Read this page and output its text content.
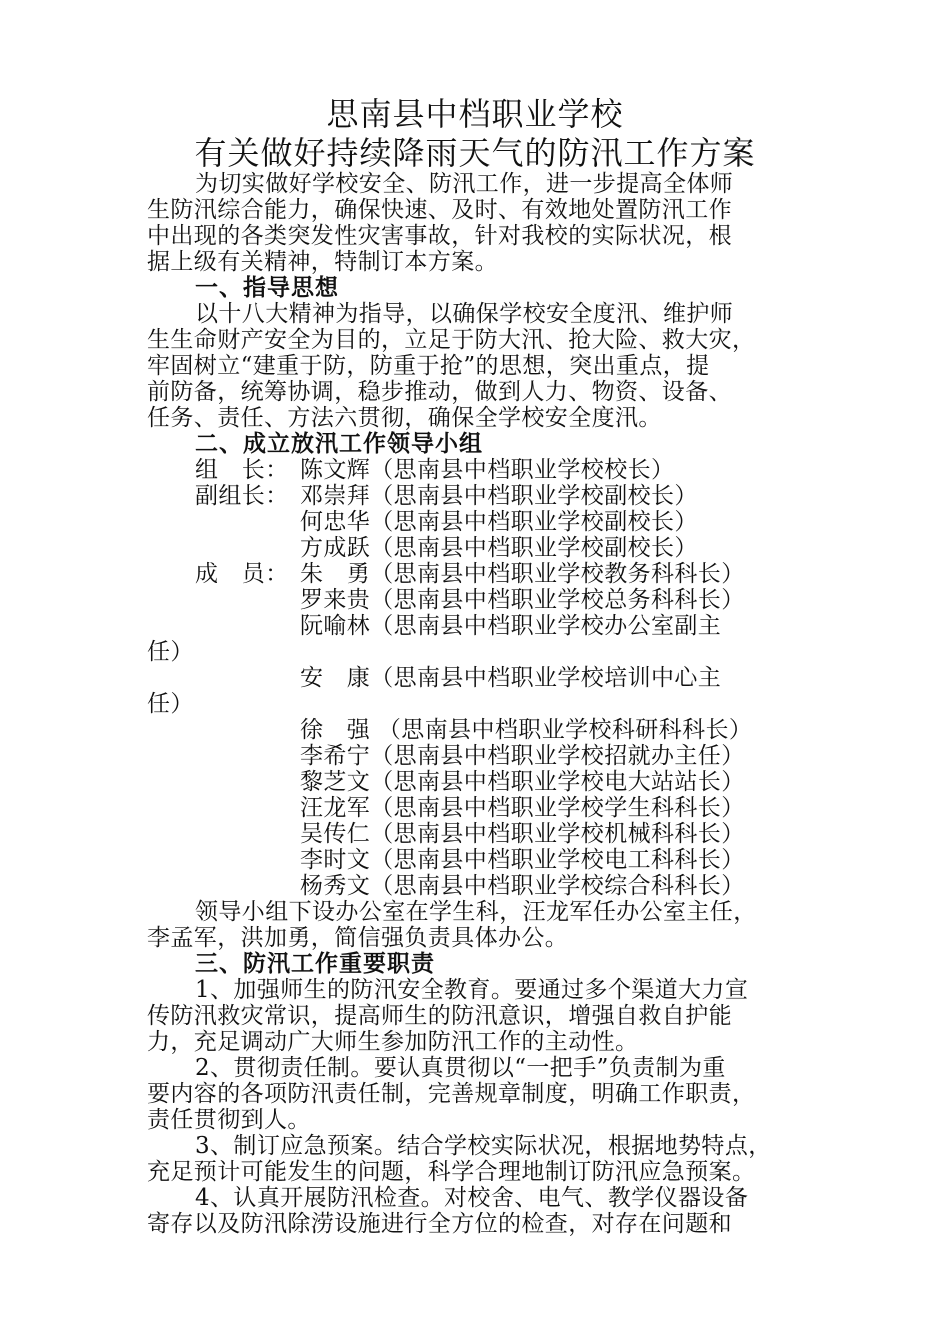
思南县中档职业学校
有关做好持续降雨天气的防汛工作方案
为切实做好学校安全、防汛工作，进一步提高全体师
生防汛综合能力，确保快速、及时、有效地处置防汛工作
中出现的各类突发性灾害事故，针对我校的实际状况，根
据上级有关精神，特制订本方案。
一、指导思想
以十八大精神为指导，以确保学校安全度汛、维护师
生生命财产安全为目的，立足于防大汛、抢大险、救大灾，
牢固树立“建重于防，防重于抢”的思想，突出重点，提
前防备，统筹协调，稳步推动，做到人力、物资、设备、
任务、责任、方法六贯彻，确保全学校安全度汛。
二、成立放汛工作领导小组
组　长： 陈文辉（思南县中档职业学校校长）
副组长： 邓崇拜（思南县中档职业学校副校长）
何忠华（思南县中档职业学校副校长）
方成跃（思南县中档职业学校副校长）
成　员： 朱　勇（思南县中档职业学校教务科科长）
罗来贵（思南县中档职业学校总务科科长）
阮喻林（思南县中档职业学校办公室副主
任）
安　康（思南县中档职业学校培训中心主
任）
徐　强 （思南县中档职业学校科研科科长）
李希宁（思南县中档职业学校招就办主任）
黎芝文（思南县中档职业学校电大站站长）
汪龙军（思南县中档职业学校学生科科长）
吴传仁（思南县中档职业学校机械科科长）
李时文（思南县中档职业学校电工科科长）
杨秀文（思南县中档职业学校综合科科长）
领导小组下设办公室在学生科，汪龙军任办公室主任，
李孟军，洪加勇，简信强负责具体办公。
三、防汛工作重要职责
1、加强师生的防汛安全教育。要通过多个渠道大力宣
传防汛救灾常识，提高师生的防汛意识，增强自救自护能
力，充足调动广大师生参加防汛工作的主动性。
2、贯彻责任制。要认真贯彻以“一把手”负责制为重
要内容的各项防汛责任制，完善规章制度，明确工作职责，
责任贯彻到人。
3、制订应急预案。结合学校实际状况，根据地势特点，
充足预计可能发生的问题，科学合理地制订防汛应急预案。
4、认真开展防汛检查。对校舍、电气、教学仪器设备
寄存以及防汛除涝设施进行全方位的检查，对存在问题和
